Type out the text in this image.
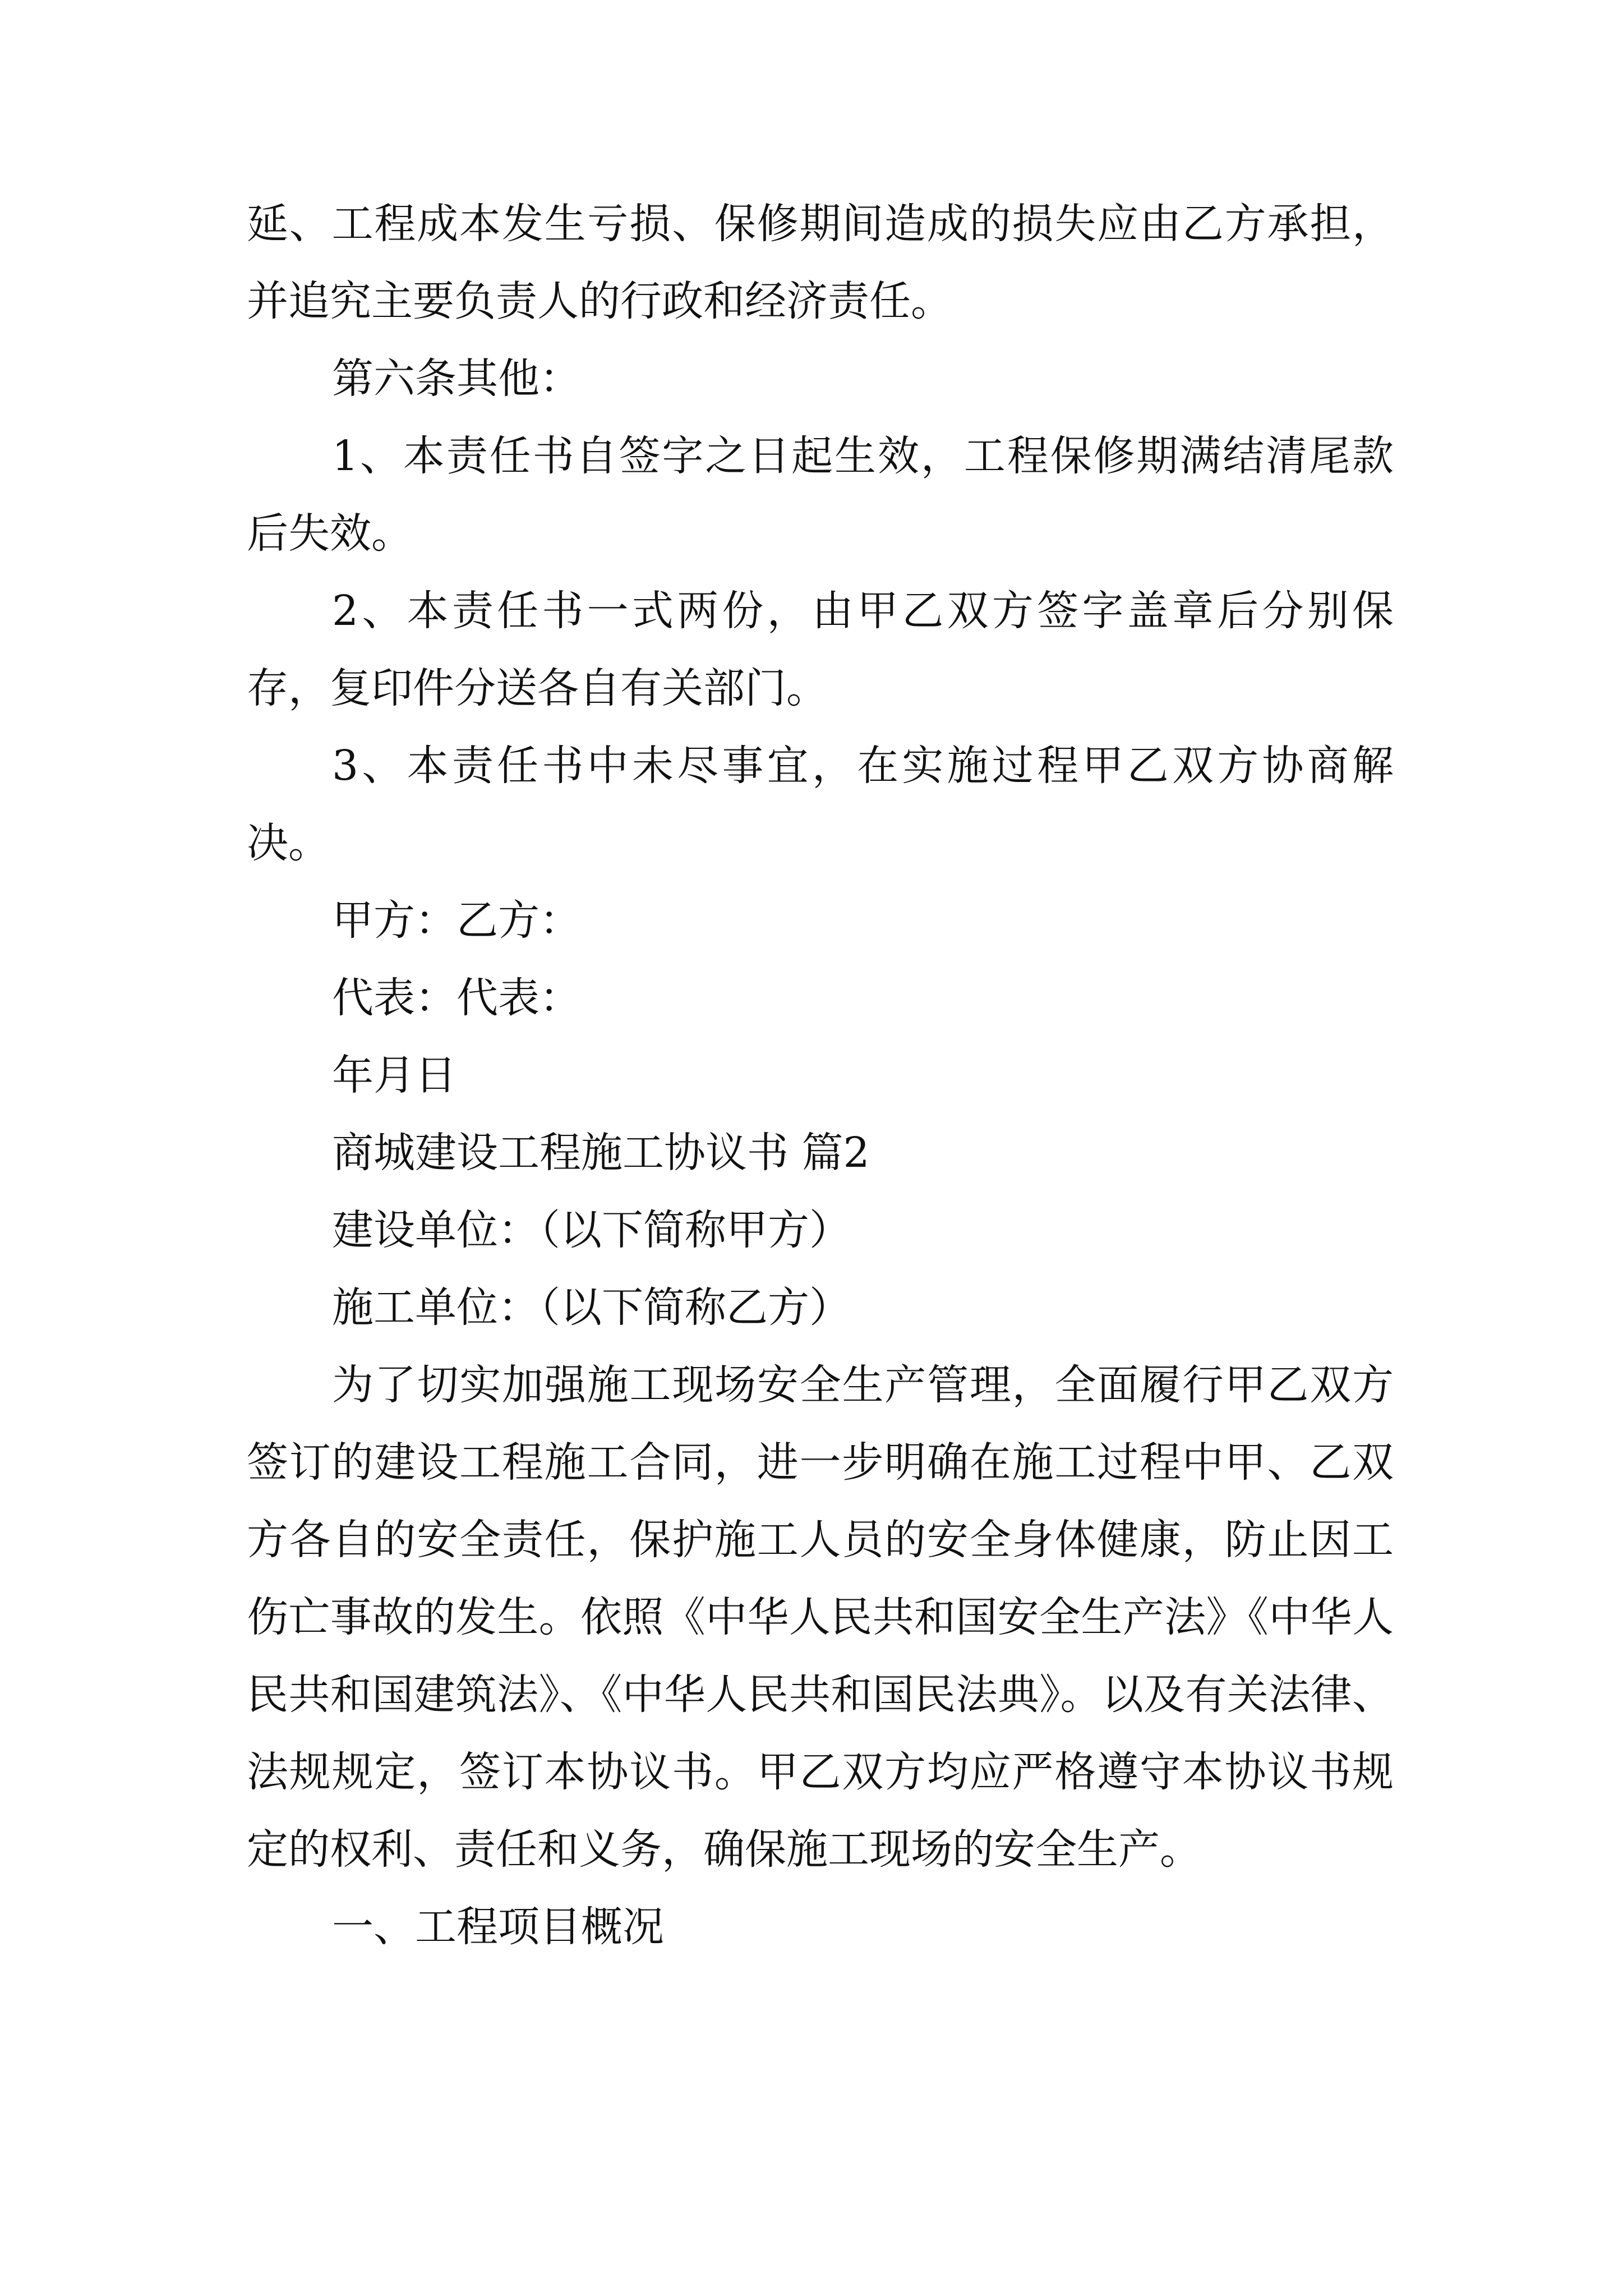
延、工程成本发生亏损、保修期间造成的损失应由乙方承担，并追究主要负责人的行政和经济责任。

第六条其他：

1、本责任书自签字之日起生效，工程保修期满结清尾款后失效。

2、本责任书一式两份，由甲乙双方签字盖章后分别保存，复印件分送各自有关部门。

3、本责任书中未尽事宜，在实施过程甲乙双方协商解决。

甲方：乙方：

代表：代表：

年月日

商城建设工程施工协议书 篇2

建设单位：（以下简称甲方）

施工单位：（以下简称乙方）

为了切实加强施工现场安全生产管理，全面履行甲乙双方签订的建设工程施工合同，进一步明确在施工过程中甲、乙双方各自的安全责任，保护施工人员的安全身体健康，防止因工伤亡事故的发生。依照《中华人民共和国安全生产法》《中华人民共和国建筑法》、《中华人民共和国民法典》。以及有关法律、法规规定，签订本协议书。甲乙双方均应严格遵守本协议书规定的权利、责任和义务，确保施工现场的安全生产。

一、工程项目概况
